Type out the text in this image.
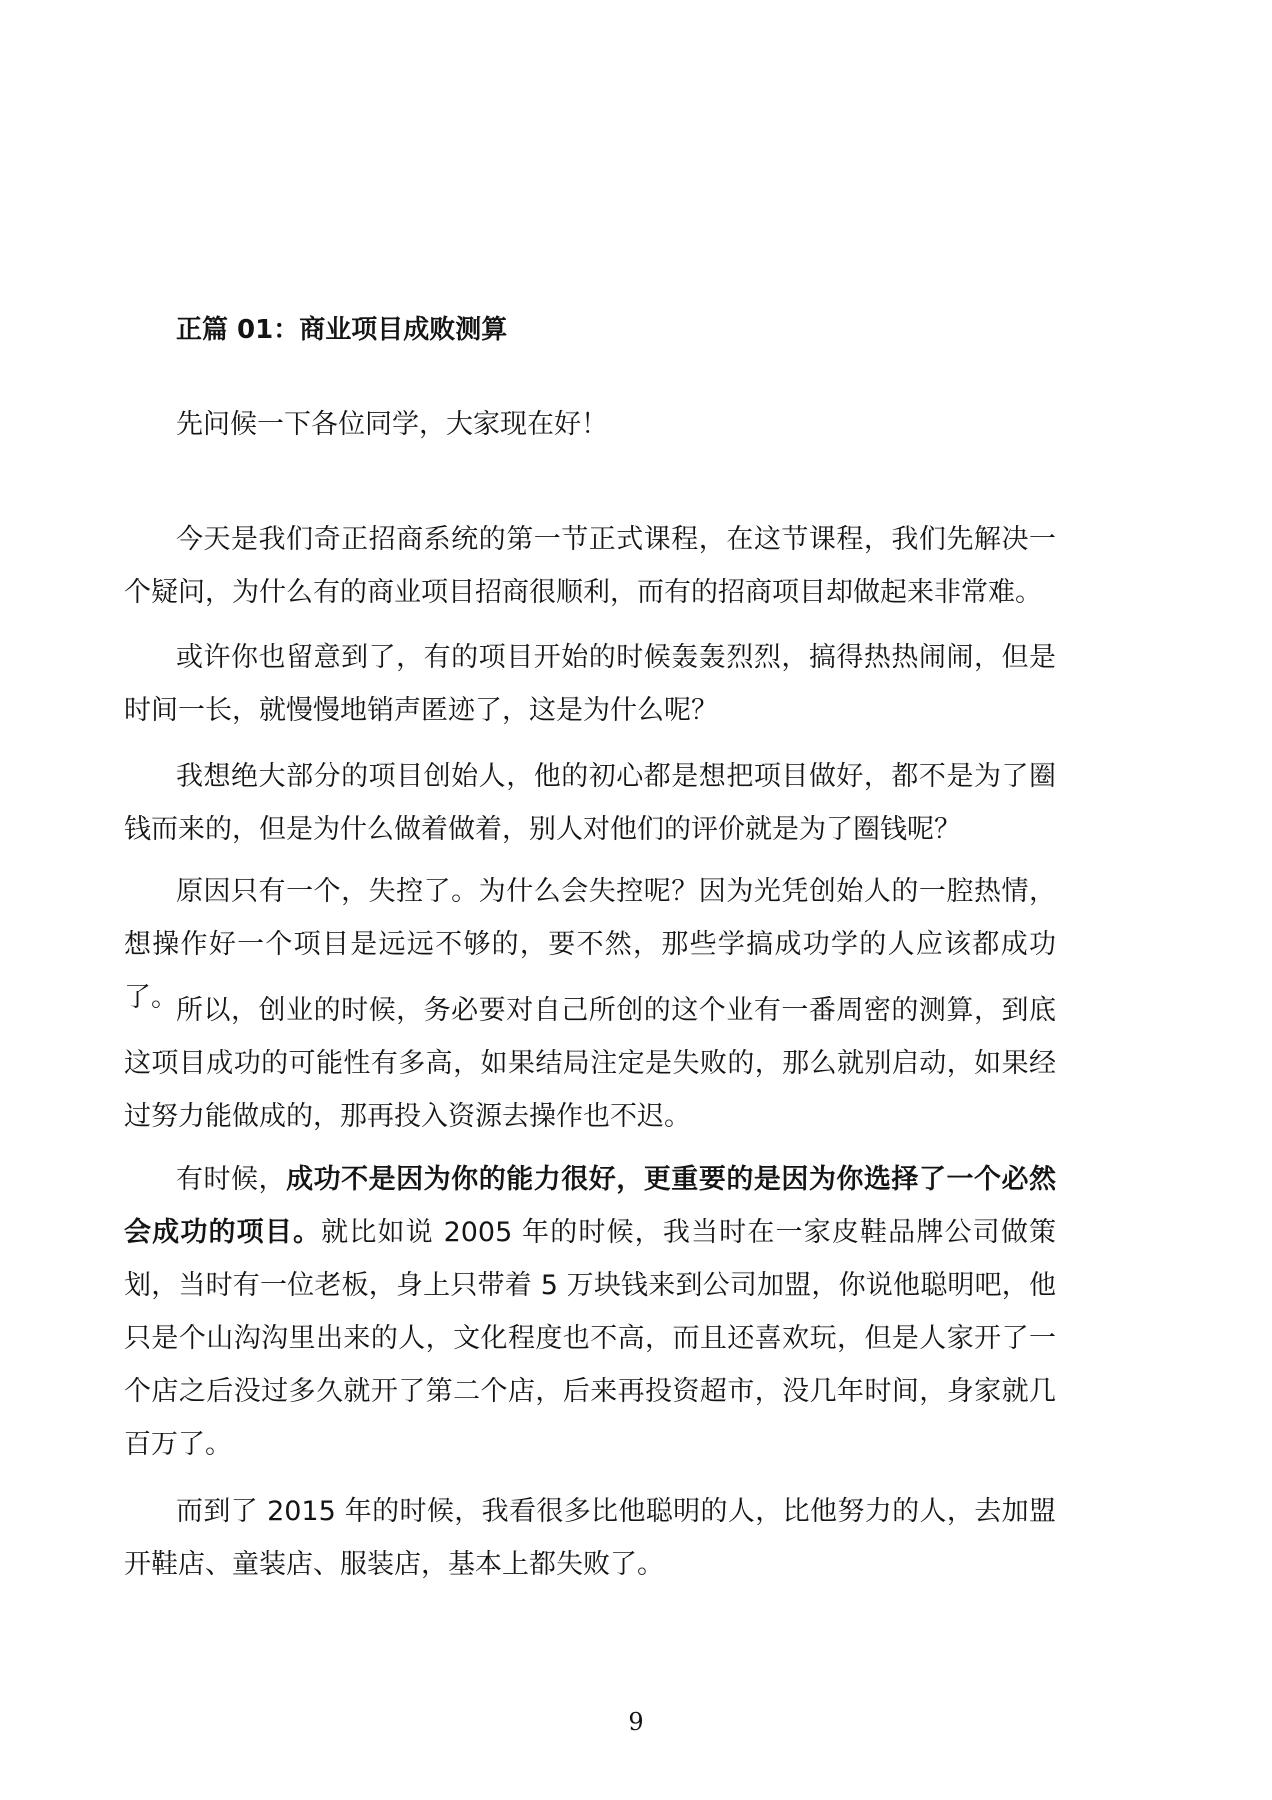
正篇 01：商业项目成败测算

先问候一下各位同学，大家现在好！

今天是我们奇正招商系统的第一节正式课程，在这节课程，我们先解决一个疑问，为什么有的商业项目招商很顺利，而有的招商项目却做起来非常难。

或许你也留意到了，有的项目开始的时候轰轰烈烈，搞得热热闹闹，但是时间一长，就慢慢地销声匿迹了，这是为什么呢？

我想绝大部分的项目创始人，他的初心都是想把项目做好，都不是为了圈钱而来的，但是为什么做着做着，别人对他们的评价就是为了圈钱呢？

原因只有一个，失控了。为什么会失控呢？因为光凭创始人的一腔热情，想操作好一个项目是远远不够的，要不然，那些学搞成功学的人应该都成功了。

所以，创业的时候，务必要对自己所创的这个业有一番周密的测算，到底这项目成功的可能性有多高，如果结局注定是失败的，那么就别启动，如果经过努力能做成的，那再投入资源去操作也不迟。

有时候，成功不是因为你的能力很好，更重要的是因为你选择了一个必然会成功的项目。就比如说 2005 年的时候，我当时在一家皮鞋品牌公司做策划，当时有一位老板，身上只带着 5 万块钱来到公司加盟，你说他聪明吧，他只是个山沟沟里出来的人，文化程度也不高，而且还喜欢玩，但是人家开了一个店之后没过多久就开了第二个店，后来再投资超市，没几年时间，身家就几百万了。

而到了 2015 年的时候，我看很多比他聪明的人，比他努力的人，去加盟开鞋店、童装店、服装店，基本上都失败了。

9
